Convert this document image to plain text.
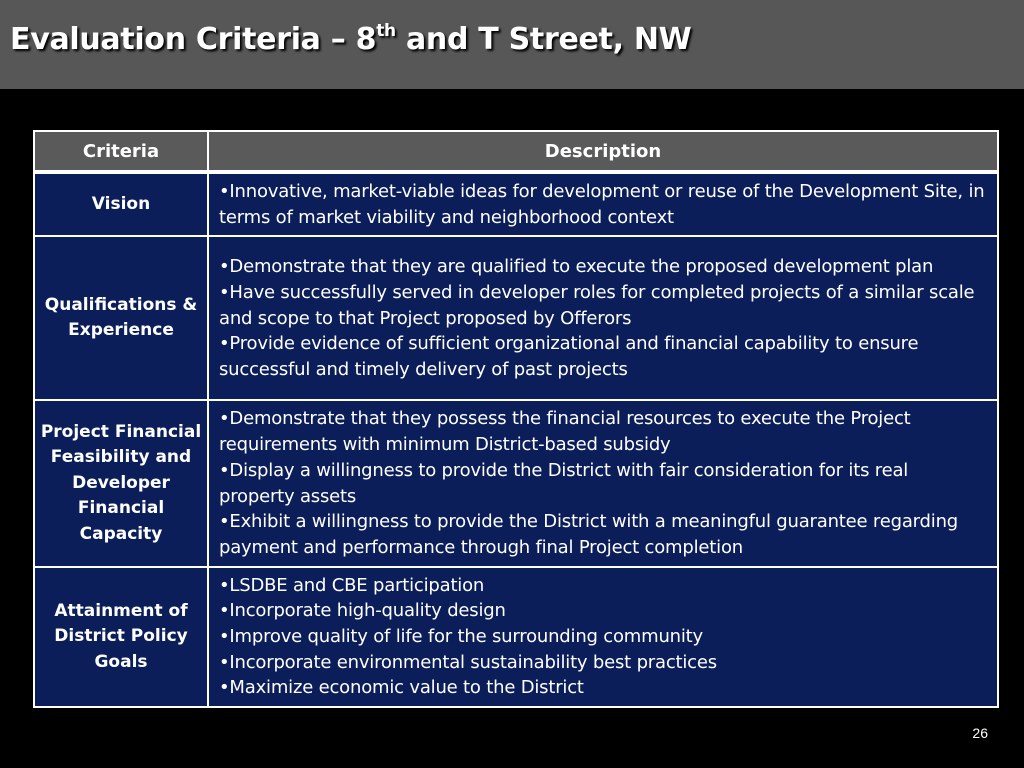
Evaluation Criteria – 8th and T Street, NW
Criteria	Description
Vision	•Innovative, market-viable ideas for development or reuse of the Development Site, in terms of market viability and neighborhood context

Qualifications & Experience	•Demonstrate that they are qualified to execute the proposed development plan
•Have successfully served in developer roles for completed projects of a similar scale and scope to that Project proposed by Offerors
•Provide evidence of sufficient organizational and financial capability to ensure successful and timely delivery of past projects

Project Financial Feasibility and Developer Financial Capacity	•Demonstrate that they possess the financial resources to execute the Project requirements with minimum District-based subsidy
•Display a willingness to provide the District with fair consideration for its real property assets
•Exhibit a willingness to provide the District with a meaningful guarantee regarding payment and performance through final Project completion

Attainment of District Policy Goals	•LSDBE and CBE participation
•Incorporate high-quality design
•Improve quality of life for the surrounding community
•Incorporate environmental sustainability best practices
•Maximize economic value to the District
26
